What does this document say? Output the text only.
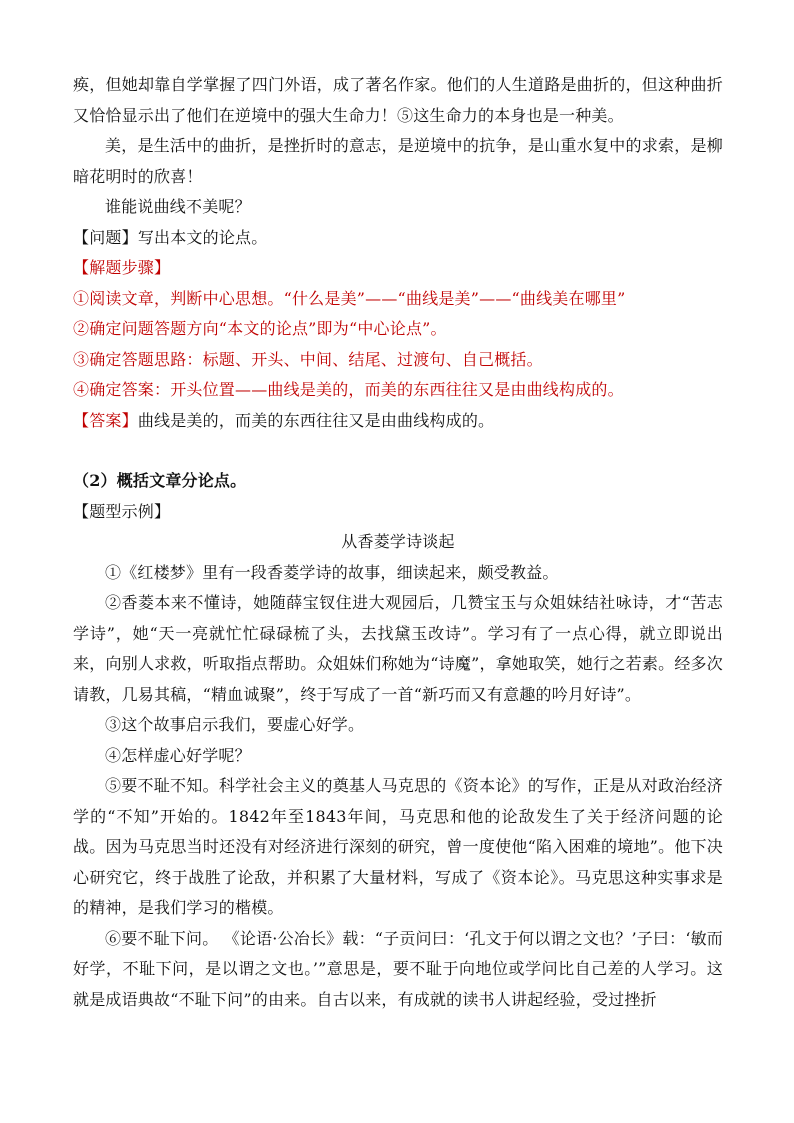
痪，但她却靠自学掌握了四门外语，成了著名作家。他们的人生道路是曲折的，但这种曲折又恰恰显示出了他们在逆境中的强大生命力！⑤这生命力的本身也是一种美。

美，是生活中的曲折，是挫折时的意志，是逆境中的抗争，是山重水复中的求索，是柳暗花明时的欣喜！

谁能说曲线不美呢？

【问题】写出本文的论点。

【解题步骤】

①阅读文章，判断中心思想。“什么是美”——“曲线是美”——“曲线美在哪里”

②确定问题答题方向“本文的论点”即为“中心论点”。

③确定答题思路：标题、开头、中间、结尾、过渡句、自己概括。

④确定答案：开头位置——曲线是美的，而美的东西往往又是由曲线构成的。

【答案】曲线是美的，而美的东西往往又是由曲线构成的。

（2）概括文章分论点。

【题型示例】

从香菱学诗谈起

①《红楼梦》里有一段香菱学诗的故事，细读起来，颇受教益。

②香菱本来不懂诗，她随薛宝钗住进大观园后，几赞宝玉与众姐妹结社咏诗，才“苦志学诗”，她“天一亮就忙忙碌碌梳了头，去找黛玉改诗”。学习有了一点心得，就立即说出来，向别人求救，听取指点帮助。众姐妹们称她为“诗魔”，拿她取笑，她行之若素。经多次请教，几易其稿，“精血诚聚”，终于写成了一首“新巧而又有意趣的吟月好诗”。

③这个故事启示我们，要虚心好学。

④怎样虚心好学呢？

⑤要不耻不知。科学社会主义的奠基人马克思的《资本论》的写作，正是从对政治经济学的“不知”开始的。1842年至1843年间，马克思和他的论敌发生了关于经济问题的论战。因为马克思当时还没有对经济进行深刻的研究，曾一度使他“陷入困难的境地”。他下决心研究它，终于战胜了论敌，并积累了大量材料，写成了《资本论》。马克思这种实事求是的精神，是我们学习的楷模。

⑥要不耻下问。 《论语·公冶长》载：“子贡问曰：‘孔文于何以谓之文也？’子曰：‘敏而好学，不耻下问，是以谓之文也。’”意思是，要不耻于向地位或学问比自己差的人学习。这就是成语典故“不耻下问”的由来。自古以来，有成就的读书人讲起经验，受过挫折
